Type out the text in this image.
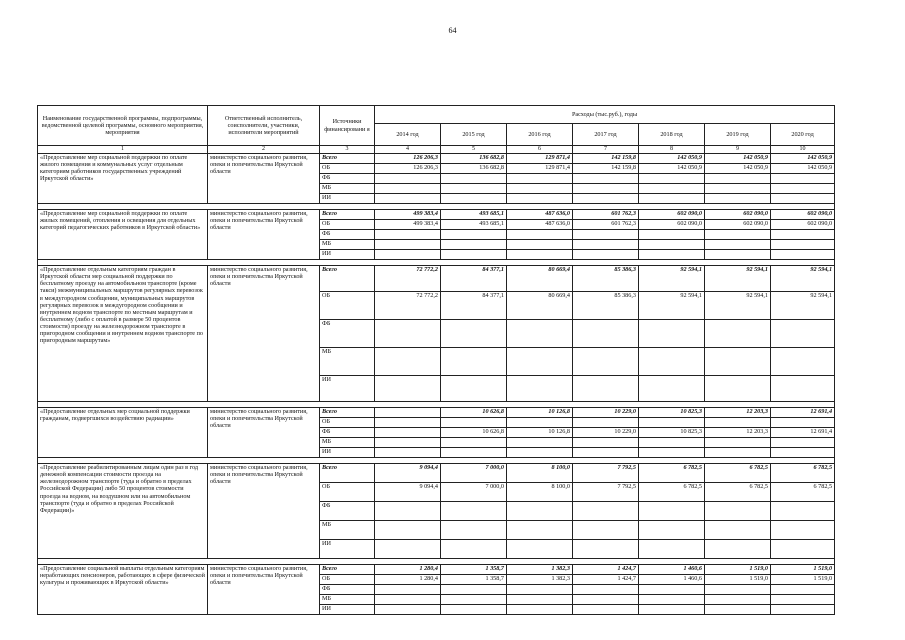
64
Наименование государственной программы, подпрограммы, ведомственной целевой программы, основного мероприятия, мероприятия	Ответственный исполнитель, соисполнители, участники, исполнители мероприятий	Источники финансировани я	Расходы (тыс.руб.), годы						
			2014 год	2015 год	2016 год	2017 год	2018 год	2019 год	2020 год
1	2	3	4	5	6	7	8	9	10
«Предоставление мер социальной поддержки по оплате жилого помещения и коммунальных услуг отдельным категориям работников государственных учреждений Иркутской области»	министерство социального развития, опеки и попечительства Иркутской области	Всего	126 206,3	136 682,8	129 871,4	142 159,8	142 050,9	142 050,9	142 050,9
		ОБ	126 206,3	136 682,8	129 871,4	142 159,8	142 050,9	142 050,9	142 050,9
		ФБ							
		МБ							
		ИИ							

«Предоставление мер социальной поддержки по оплате жилых помещений, отопления и освещения для отдельных категорий педагогических работников в Иркутской области»	министерство социального развития, опеки и попечительства Иркутской области	Всего	499 383,4	493 685,1	487 636,0	601 762,3	602 090,0	602 090,0	602 090,0
		ОБ	499 383,4	493 685,1	487 636,0	601 762,3	602 090,0	602 090,0	602 090,0
		ФБ							
		МБ							
		ИИ							

«Предоставление отдельным категориям граждан в Иркутской области мер социальной поддержки по бесплатному проезду на автомобильном транспорте (кроме такси) межмуниципальных маршрутов регулярных перевозок в междугородном сообщении, муниципальных маршрутов регулярных перевозок в междугородном сообщении и внутреннем водном транспорте по местным маршрутам и бесплатному (либо с оплатой в размере 50 процентов стоимости) проезду на железнодорожном транспорте в пригородном сообщении и внутреннем водном транспорте по пригородным маршрутам»	министерство социального развития, опеки и попечительства Иркутской области	Всего	72 772,2	84 377,1	80 669,4	85 386,3	92 594,1	92 594,1	92 594,1
		ОБ	72 772,2	84 377,1	80 669,4	85 386,3	92 594,1	92 594,1	92 594,1
		ФБ							
		МБ							
		ИИ							

«Предоставление отдельных мер социальной поддержки гражданам, подвергшихся воздействию радиации»	министерство социального развития, опеки и попечительства Иркутской области	Всего		10 626,8	10 126,8	10 229,0	10 825,3	12 203,3	12 691,4
		ОБ							
		ФБ		10 626,8	10 126,8	10 229,0	10 825,3	12 203,3	12 691,4
		МБ							
		ИИ							

«Предоставление реабилитированным лицам один раз в год денежной компенсации стоимости проезда на железнодорожном транспорте (туда и обратно в пределах Российской Федерации) либо 50 процентов стоимости проезда на водном, на воздушном или на автомобильном транспорте (туда и обратно в пределах Российской Федерации)»	министерство социального развития, опеки и попечительства Иркутской области	Всего	9 094,4	7 000,0	8 100,0	7 792,5	6 782,5	6 782,5	6 782,5
		ОБ	9 094,4	7 000,0	8 100,0	7 792,5	6 782,5	6 782,5	6 782,5
		ФБ							
		МБ							
		ИИ							

«Предоставление социальной выплаты отдельным категориям неработающих пенсионеров, работающих в сфере физической культуры и проживающих в Иркутской области»	министерство социального развития, опеки и попечительства Иркутской области	Всего	1 280,4	1 358,7	1 382,3	1 424,7	1 460,6	1 519,0	1 519,0
		ОБ	1 280,4	1 358,7	1 382,3	1 424,7	1 460,6	1 519,0	1 519,0
		ФБ							
		МБ							
		ИИ							
